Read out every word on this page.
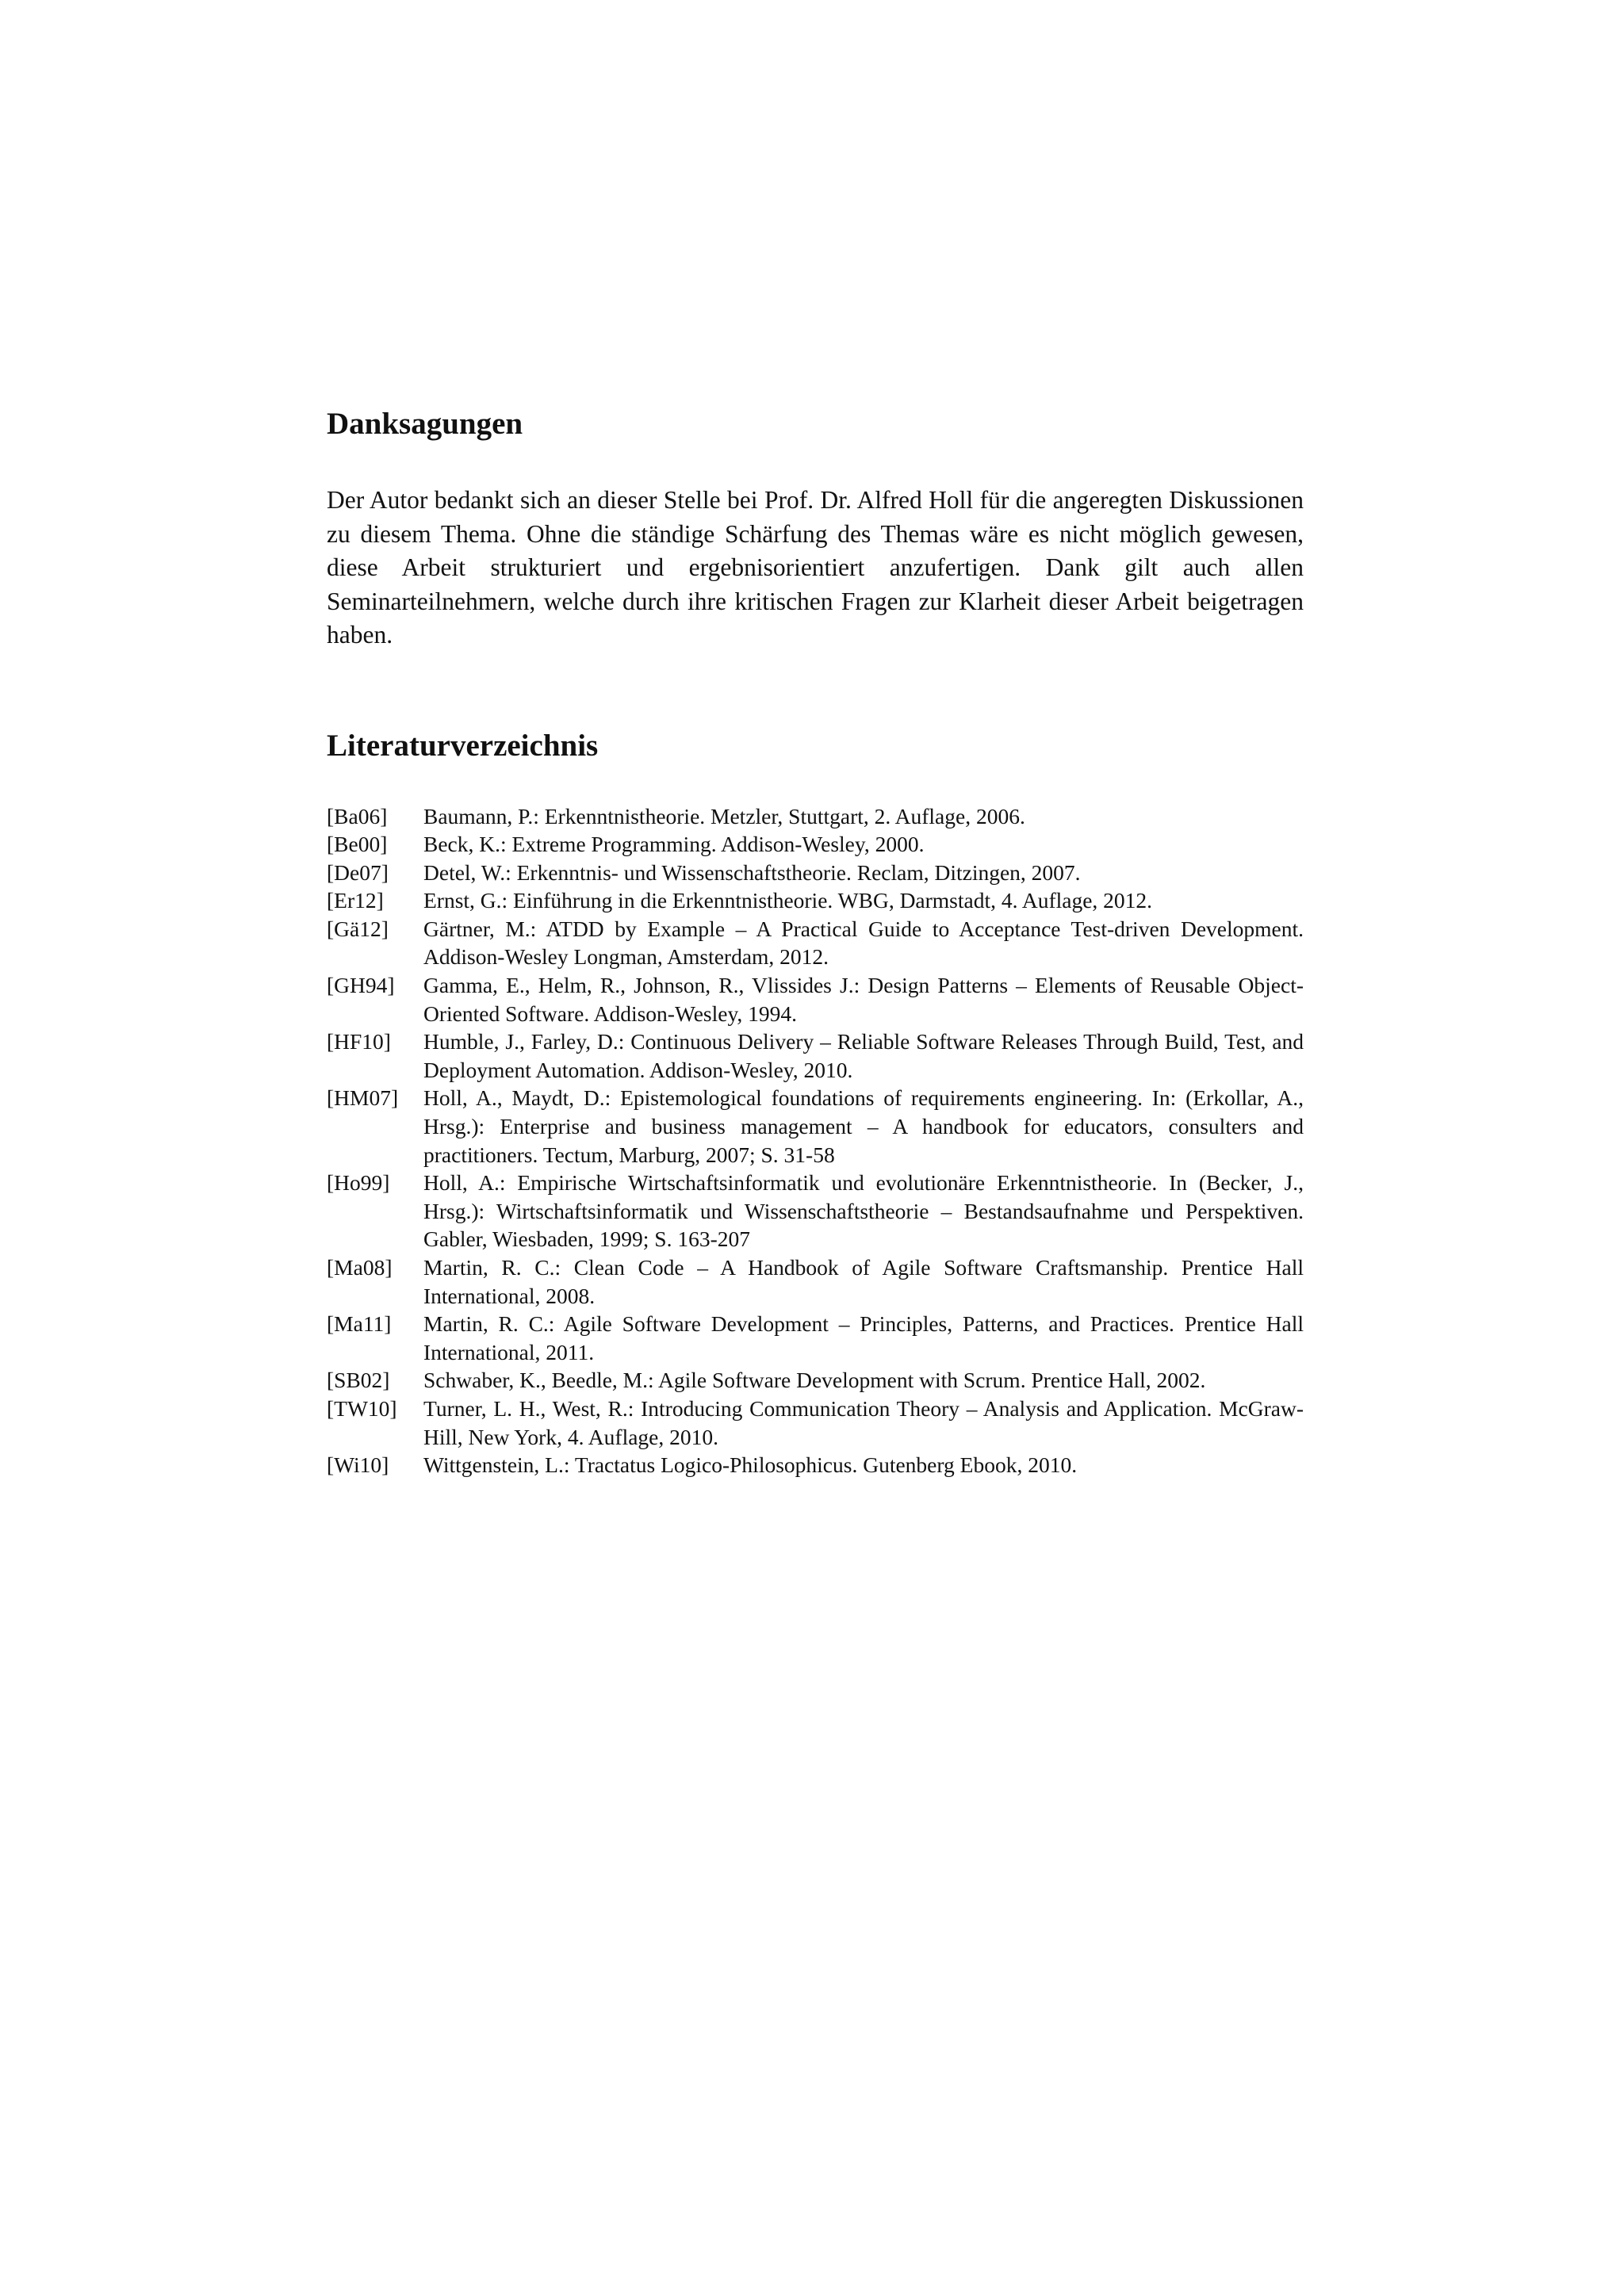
Danksagungen

Der Autor bedankt sich an dieser Stelle bei Prof. Dr. Alfred Holl für die angeregten Diskussionen zu diesem Thema. Ohne die ständige Schärfung des Themas wäre es nicht möglich gewesen, diese Arbeit strukturiert und ergebnisorientiert anzufertigen. Dank gilt auch allen Seminarteilnehmern, welche durch ihre kritischen Fragen zur Klarheit dieser Arbeit beigetragen haben.

Literaturverzeichnis
[Ba06]	Baumann, P.: Erkenntnistheorie. Metzler, Stuttgart, 2. Auflage, 2006.
[Be00]	Beck, K.: Extreme Programming. Addison-Wesley, 2000.
[De07]	Detel, W.: Erkenntnis- und Wissenschaftstheorie. Reclam, Ditzingen, 2007.
[Er12]	Ernst, G.: Einführung in die Erkenntnistheorie. WBG, Darmstadt, 4. Auflage, 2012.
[Gä12]	Gärtner, M.: ATDD by Example – A Practical Guide to Acceptance Test-driven Development. Addison-Wesley Longman, Amsterdam, 2012.
[GH94]	Gamma, E., Helm, R., Johnson, R., Vlissides J.: Design Patterns – Elements of Reusable Object-Oriented Software. Addison-Wesley, 1994.
[HF10]	Humble, J., Farley, D.: Continuous Delivery – Reliable Software Releases Through Build, Test, and Deployment Automation. Addison-Wesley, 2010.
[HM07]	Holl, A., Maydt, D.: Epistemological foundations of requirements engineering. In: (Erkollar, A., Hrsg.): Enterprise and business management – A handbook for educators, consulters and practitioners. Tectum, Marburg, 2007; S. 31-58
[Ho99]	Holl, A.: Empirische Wirtschaftsinformatik und evolutionäre Erkenntnistheorie. In (Becker, J., Hrsg.): Wirtschaftsinformatik und Wissenschaftstheorie – Bestandsaufnahme und Perspektiven. Gabler, Wiesbaden, 1999; S. 163-207
[Ma08]	Martin, R. C.: Clean Code – A Handbook of Agile Software Craftsmanship. Prentice Hall International, 2008.
[Ma11]	Martin, R. C.: Agile Software Development – Principles, Patterns, and Practices. Prentice Hall International, 2011.
[SB02]	Schwaber, K., Beedle, M.: Agile Software Development with Scrum. Prentice Hall, 2002.
[TW10]	Turner, L. H., West, R.: Introducing Communication Theory – Analysis and Application. McGraw-Hill, New York, 4. Auflage, 2010.
[Wi10]	Wittgenstein, L.: Tractatus Logico-Philosophicus. Gutenberg Ebook, 2010.
